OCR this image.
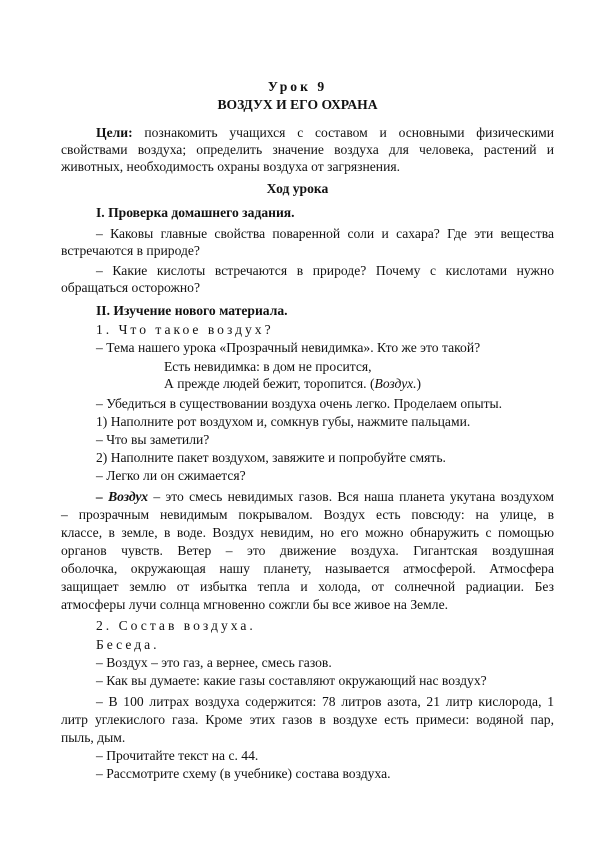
Урок 9
ВОЗДУХ И ЕГО ОХРАНА
Цели: познакомить учащихся с составом и основными физическими
свойствами воздуха; определить значение воздуха для человека, растений и
животных, необходимость охраны воздуха от загрязнения.
Ход урока
I. Проверка домашнего задания.
– Каковы главные свойства поваренной соли и сахара? Где эти вещества
встречаются в природе?
– Какие кислоты встречаются в природе? Почему с кислотами нужно
обращаться осторожно?
II. Изучение нового материала.
1. Что такое воздух?
– Тема нашего урока «Прозрачный невидимка». Кто же это такой?
Есть невидимка: в дом не просится,
А прежде людей бежит, торопится. (Воздух.)
– Убедиться в существовании воздуха очень легко. Проделаем опыты.
1) Наполните рот воздухом и, сомкнув губы, нажмите пальцами.
– Что вы заметили?
2) Наполните пакет воздухом, завяжите и попробуйте смять.
– Легко ли он сжимается?
– Воздух – это смесь невидимых газов. Вся наша планета укутана воздухом
– прозрачным невидимым покрывалом. Воздух есть повсюду: на улице, в
классе, в земле, в воде. Воздух невидим, но его можно обнаружить с помощью
органов чувств. Ветер – это движение воздуха. Гигантская воздушная
оболочка, окружающая нашу планету, называется атмосферой. Атмосфера
защищает землю от избытка тепла и холода, от солнечной радиации. Без
атмосферы лучи солнца мгновенно сожгли бы все живое на Земле.
2. Состав воздуха.
Беседа.
– Воздух – это газ, а вернее, смесь газов.
– Как вы думаете: какие газы составляют окружающий нас воздух?
– В 100 литрах воздуха содержится: 78 литров азота, 21 литр кислорода, 1
литр углекислого газа. Кроме этих газов в воздухе есть примеси: водяной пар,
пыль, дым.
– Прочитайте текст на с. 44.
– Рассмотрите схему (в учебнике) состава воздуха.
